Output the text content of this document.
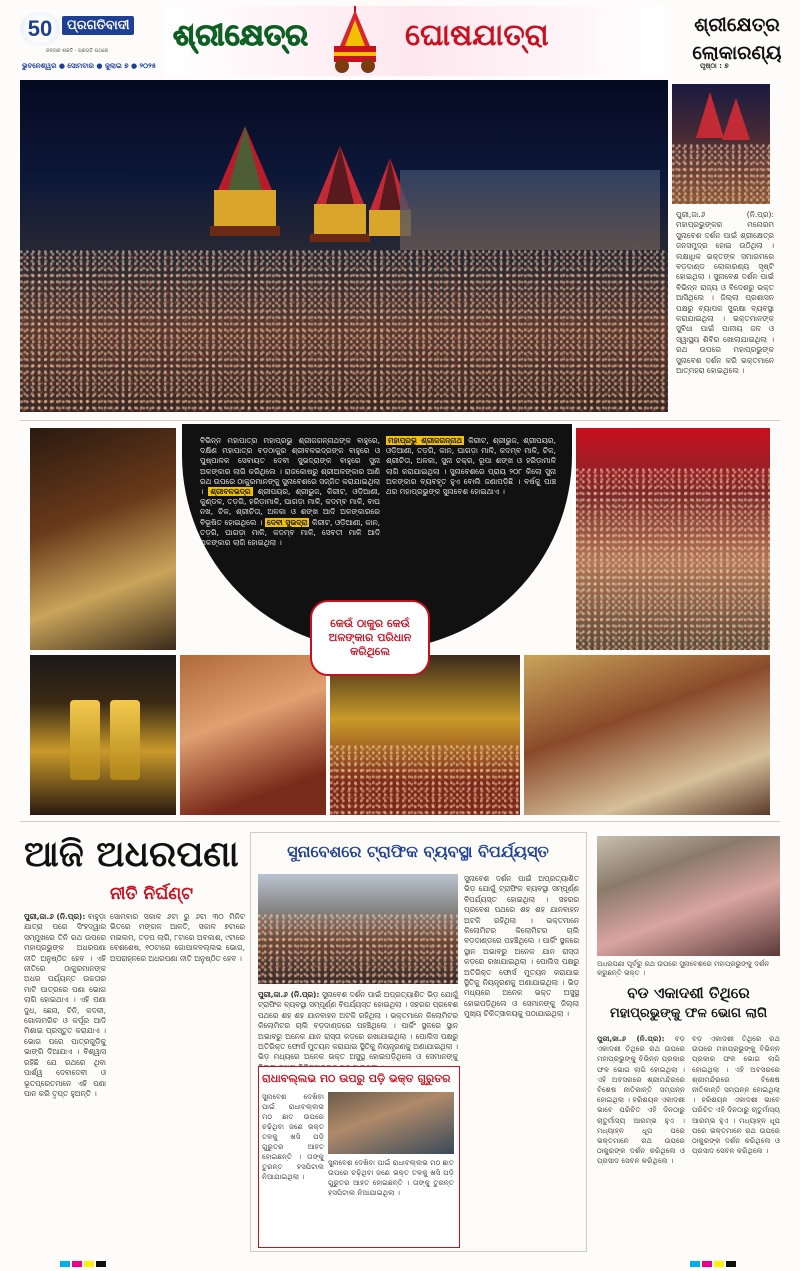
50	ପ୍ରଗତିବାଦୀ
ଜନତାର ଶକ୍ତି · ପ୍ରଗତି ପଥରେ
ଭୁବନେଶ୍ୱର ● ସୋମବାର ● ଜୁଲାଇ ୭ ● ୨୦୨୫
ଶ୍ରୀକ୍ଷେତ୍ର	ଘୋଷଯାତ୍ରା
ପୃଷ୍ଠା : ୭
ଶ୍ରୀକ୍ଷେତ୍ର
ଲୋକାରଣ୍ୟ
ପୁରୀ,ଜା.୬ (ନି.ପ୍ର): ମହାପ୍ରଭୁଙ୍କର ମନୋରମ ସୁନାବେଶ ଦର୍ଶନ ପାଇଁ ଶ୍ରୀକ୍ଷେତ୍ର ଜନସମୁଦ୍ର ହୋଇ ଉଠିଥିଲା । ଲକ୍ଷାଧିକ ଭକ୍ତଙ୍କ ସମାଗମରେ ବଡ଼ଦାଣ୍ଡ ଲୋକାରଣ୍ୟ ସୃଷ୍ଟି ହୋଇଥିଲା । ସୁନାବେଶ ଦର୍ଶନ ପାଇଁ ବିଭିନ୍ନ ରାଜ୍ୟ ଓ ବିଦେଶରୁ ଭକ୍ତ ଆସିଥିଲେ । ଜିଲ୍ଲା ପ୍ରଶାସନ ପକ୍ଷରୁ ବ୍ୟାପକ ସୁରକ୍ଷା ବ୍ୟବସ୍ଥା କରାଯାଇଥିଲା । ଭକ୍ତମାନଙ୍କ ସୁବିଧା ପାଇଁ ପାନୀୟ ଜଳ ଓ ସ୍ୱାସ୍ଥ୍ୟ ଶିବିର ଖୋଲାଯାଇଥିଲା । ରଥ ଉପରେ ମହାପ୍ରଭୁଙ୍କ ସୁନାବେଶ ଦର୍ଶନ କରି ଭକ୍ତମାନେ ଆତ୍ମହରା ହୋଇଥିଲେ ।
ବିଭିନ୍ନ ମହାପାତ୍ର ମହାପ୍ରଭୁ ଶ୍ରୀଜଗନ୍ନାଥଙ୍କ ବାହୁରେ, ଦକ୍ଷିଣ ମହାପାତ୍ର ବଡ଼ଠାକୁର ଶ୍ରୀବଳଭଦ୍ରଙ୍କ ବାହୁରେ ଓ ପୁଷ୍ପାଳକ ସେବାୟତ ଦେବୀ ସୁଭଦ୍ରାଙ୍କ ବାହୁରେ ସୁନା ଅଳଙ୍କାର ଲାଗି କରିଥିଲେ । ରାଜକୋଷରୁ ଶ୍ରୀଅଳଙ୍କାର ଆଣି ରଥ ଉପରେ ଠାକୁରମାନଙ୍କୁ ସୁନାବେଶରେ ସଜ୍ଜିତ କରାଯାଇଥିଲା । ଶ୍ରୀବଳଭଦ୍ର ଶ୍ରୀପୟର, ଶ୍ରୀଭୁଜ, କିରୀଟ, ଓଡ଼ିଆଣୀ, କୁଣ୍ଡଳ, ତଡ଼ଗି, ହରିଡ଼ାମାଳି, ଘାଗଡ଼ା ମାଳି, କଦମ୍ବ ମାଳି, ବାଘ ନଖ, ଚିକ, ଶ୍ରୀଚିତା, ଅଳକା ଓ ଶଙ୍ଖ ଆଦି ଅଳଙ୍କାରରେ ବିଭୂଷିତ ହୋଇଥିଲେ । ଦେବୀ ସୁଭଦ୍ରା କିରୀଟ, ଓଡ଼ିଆଣୀ, କାନ, ତଡ଼ଗି, ଘାଗଡ଼ା ମାଳି, କଦମ୍ବ ମାଳି, ସେବତୀ ମାଳି ଆଦି ଅଳଙ୍କାର ଲାଗି ହୋଇଥିଲା ।
ମହାପ୍ରଭୁ ଶ୍ରୀଜଗନ୍ନାଥ କିରୀଟ, ଶ୍ରୀଭୁଜ, ଶ୍ରୀପୟର, ଓଡ଼ିଆଣୀ, ତଡ଼ଗି, କାନ, ଘାଗଡ଼ା ମାଳି, କଦମ୍ବ ମାଳି, ଚିକ, ଶ୍ରୀଚିତା, ଅଳକା, ସୁନା ଚକ୍ର, ରୂପା ଶଙ୍ଖ ଓ ହରିଡ଼ାମାଳି ଲାଗି କରାଯାଇଥିଲା । ସୁନାବେଶରେ ପ୍ରାୟ ୨୦୮ କିଲୋ ସୁନା ଅଳଙ୍କାର ବ୍ୟବହୃତ ହୁଏ ବୋଲି ଜଣାପଡ଼ିଛି । ବର୍ଷକୁ ପାଞ୍ଚ ଥର ମହାପ୍ରଭୁଙ୍କ ସୁନାବେଶ ହୋଇଥାଏ ।
କେଉଁ ଠାକୁର କେଉଁ ଅଳଙ୍କାର ପରିଧାନ କରିଥିଲେ
ଆଜି ଅଧରପଣା
ନୀତି ନିର୍ଘଣ୍ଟ
ପୁରୀ,ଜା.୬ (ନି.ପ୍ର): ବାହୁଡ଼ା ଯାତ୍ରା ପରେ ସିଂହଦ୍ୱାର ସମ୍ମୁଖରେ ତିନି ରଥ ଉପରେ ମହାପ୍ରଭୁଙ୍କ ଅଧରପଣା ନୀତି ଅନୁଷ୍ଠିତ ହେବ । ଏହି ନୀତିରେ ଠାକୁରମାନଙ୍କ ଅଧର ପର୍ଯ୍ୟନ୍ତ ଉଚ୍ଚତାର ମାଟି ପାତ୍ରରେ ପଣା ଭୋଗ ଲାଗି ହୋଇଥାଏ । ଏହି ପଣା ଦୁଧ, ଛେନା, ଚିନି, କଦଳୀ, ଗୋଲମରିଚ ଓ କର୍ପୂର ଆଦି ମିଶାଇ ପ୍ରସ୍ତୁତ କରାଯାଏ । ଭୋଗ ପରେ ପାତ୍ରଗୁଡ଼ିକୁ ଭାଙ୍ଗି ଦିଆଯାଏ । ବିଶ୍ୱାସ ରହିଛି ଯେ ରଥରେ ଥିବା ପାର୍ଶ୍ୱ ଦେବାଦେବୀ ଓ ଭୂତପ୍ରେତମାନେ ଏହି ପଣା ପାନ କରି ତୃପ୍ତ ହୁଅନ୍ତି ।
ସୋମବାର ସକାଳ ୬ଟା ରୁ ୬ଟା ୩୦ ମିନିଟ ଭିତରେ ମଙ୍ଗଳ ଆଳତି, ସକାଳ ୭ଟାରେ ମଇଲମ, ତଡ଼ପ ଲାଗି, ୮ଟାରେ ଅବକାଶ, ୯ଟାରେ ବେଶଶେଷ, ୧୦ଟାରେ ଗୋପାଳବଲ୍ଲଭ ଭୋଗ, ଅପରାହ୍ନରେ ଅଧରପଣା ନୀତି ଅନୁଷ୍ଠିତ ହେବ ।
ସୁନାବେଶରେ ଟ୍ରାଫିକ ବ୍ୟବସ୍ଥା ବିପର୍ଯ୍ୟସ୍ତ
ପୁରୀ,ଜା.୬ (ନି.ପ୍ର): ସୁନାବେଶ ଦର୍ଶନ ପାଇଁ ଅପ୍ରତ୍ୟାଶିତ ଭିଡ଼ ଯୋଗୁଁ ଟ୍ରାଫିକ ବ୍ୟବସ୍ଥା ସମ୍ପୂର୍ଣ୍ଣ ବିପର୍ଯ୍ୟସ୍ତ ହୋଇଥିଲା । ସହରର ପ୍ରବେଶ ପଥରେ ଶହ ଶହ ଯାନବାହନ ଅଟକି ରହିଥିଲା । ଭକ୍ତମାନେ କିଲୋମିଟର କିଲୋମିଟର ଚାଲି ବଡ଼ଦାଣ୍ଡରେ ପହଞ୍ଚିଥିଲେ । ପାର୍କିଂ ସ୍ଥଳରେ ସ୍ଥାନ ଅଭାବରୁ ଅନେକ ଯାନ ରାସ୍ତା କଡ଼ରେ ରଖାଯାଇଥିଲା । ପୋଲିସ ପକ୍ଷରୁ ଅତିରିକ୍ତ ଫୋର୍ସ ମୁତୟନ କରାଯାଇ ସ୍ଥିତିକୁ ନିୟନ୍ତ୍ରଣକୁ ଅଣାଯାଇଥିଲା । ଭିଡ଼ ମଧ୍ୟରେ ଅନେକ ଭକ୍ତ ଅସୁସ୍ଥ ହୋଇପଡ଼ିଥିଲେ ଓ ସେମାନଙ୍କୁ
ସୁନାବେଶ ଦର୍ଶନ ପାଇଁ ଅପ୍ରତ୍ୟାଶିତ ଭିଡ଼ ଯୋଗୁଁ ଟ୍ରାଫିକ ବ୍ୟବସ୍ଥା ସମ୍ପୂର୍ଣ୍ଣ ବିପର୍ଯ୍ୟସ୍ତ ହୋଇଥିଲା । ସହରର ପ୍ରବେଶ ପଥରେ ଶହ ଶହ ଯାନବାହନ ଅଟକି ରହିଥିଲା । ଭକ୍ତମାନେ କିଲୋମିଟର କିଲୋମିଟର ଚାଲି ବଡ଼ଦାଣ୍ଡରେ ପହଞ୍ଚିଥିଲେ । ପାର୍କିଂ ସ୍ଥଳରେ ସ୍ଥାନ ଅଭାବରୁ ଅନେକ ଯାନ ରାସ୍ତା କଡ଼ରେ ରଖାଯାଇଥିଲା । ପୋଲିସ ପକ୍ଷରୁ ଅତିରିକ୍ତ ଫୋର୍ସ ମୁତୟନ କରାଯାଇ ସ୍ଥିତିକୁ ନିୟନ୍ତ୍ରଣକୁ ଅଣାଯାଇଥିଲା । ଭିଡ଼ ମଧ୍ୟରେ ଅନେକ ଭକ୍ତ ଅସୁସ୍ଥ ହୋଇପଡ଼ିଥିଲେ ଓ ସେମାନଙ୍କୁ ଜିଲ୍ଲା ମୁଖ୍ୟ ଚିକିତ୍ସାଳୟକୁ ପଠାଯାଇଥିଲା ।
ରାଧାବଲ୍ଲଭ ମଠ ଉପରୁ ପଡ଼ି ଭକ୍ତ ଗୁରୁତର
ସୁନାବେଶ ଦେଖିବା ପାଇଁ ରାଧାବଲ୍ଲଭ ମଠ ଛାତ ଉପରେ ଚଢ଼ିଥିବା ଜଣେ ଭକ୍ତ ତଳକୁ ଖସି ପଡ଼ି ଗୁରୁତର ଆହତ ହୋଇଛନ୍ତି । ତାଙ୍କୁ ତୁରନ୍ତ ହସପିଟାଲ ନିଆଯାଇଥିଲା ।
ସୁନାବେଶ ଦେଖିବା ପାଇଁ ରାଧାବଲ୍ଲଭ ମଠ ଛାତ ଉପରେ ଚଢ଼ିଥିବା ଜଣେ ଭକ୍ତ ତଳକୁ ଖସି ପଡ଼ି ଗୁରୁତର ଆହତ ହୋଇଛନ୍ତି । ତାଙ୍କୁ ତୁରନ୍ତ ହସପିଟାଲ ନିଆଯାଇଥିଲା ।
ଅଧରପଣା ପୂର୍ବରୁ ରଥ ଉପରେ ସୁନାବେଶରେ ମହାପ୍ରଭୁଙ୍କୁ ଦର୍ଶନ କରୁଛନ୍ତି ଭକ୍ତ ।
ବଡ ଏକାଦଶୀ ତିଥିରେ
ମହାପ୍ରଭୁଙ୍କୁ ଫଳ ଭୋଗ ଲାଗି
ପୁରୀ,ଜା.୬ (ନି.ପ୍ର): ବଡ଼ ଏକାଦଶୀ ତିଥିରେ ରଥ ଉପରେ ମହାପ୍ରଭୁଙ୍କୁ ବିଭିନ୍ନ ପ୍ରକାର ଫଳ ଭୋଗ ଲାଗି ହୋଇଥିଲା । ଏହି ଅବସରରେ ଶ୍ରୀମନ୍ଦିରରେ ବିଶେଷ ନୀତିକାନ୍ତି ସମ୍ପନ୍ନ ହୋଇଥିଲା । ହରିଶୟନ ଏକାଦଶୀ ଭାବେ ପରିଚିତ ଏହି ଦିନଠାରୁ ଚାତୁର୍ମାସ୍ୟ ଆରମ୍ଭ ହୁଏ । ମଧ୍ୟାହ୍ନ ଧୂପ ପରେ ଭକ୍ତମାନେ ରଥ ଉପରେ ଠାକୁରଙ୍କ ଦର୍ଶନ କରିଥିଲେ ଓ ପ୍ରସାଦ ସେବନ କରିଥିଲେ ।
ବଡ଼ ଏକାଦଶୀ ତିଥିରେ ରଥ ଉପରେ ମହାପ୍ରଭୁଙ୍କୁ ବିଭିନ୍ନ ପ୍ରକାର ଫଳ ଭୋଗ ଲାଗି ହୋଇଥିଲା । ଏହି ଅବସରରେ ଶ୍ରୀମନ୍ଦିରରେ ବିଶେଷ ନୀତିକାନ୍ତି ସମ୍ପନ୍ନ ହୋଇଥିଲା । ହରିଶୟନ ଏକାଦଶୀ ଭାବେ ପରିଚିତ ଏହି ଦିନଠାରୁ ଚାତୁର୍ମାସ୍ୟ ଆରମ୍ଭ ହୁଏ । ମଧ୍ୟାହ୍ନ ଧୂପ ପରେ ଭକ୍ତମାନେ ରଥ ଉପରେ ଠାକୁରଙ୍କ ଦର୍ଶନ କରିଥିଲେ ଓ ପ୍ରସାଦ ସେବନ କରିଥିଲେ ।
